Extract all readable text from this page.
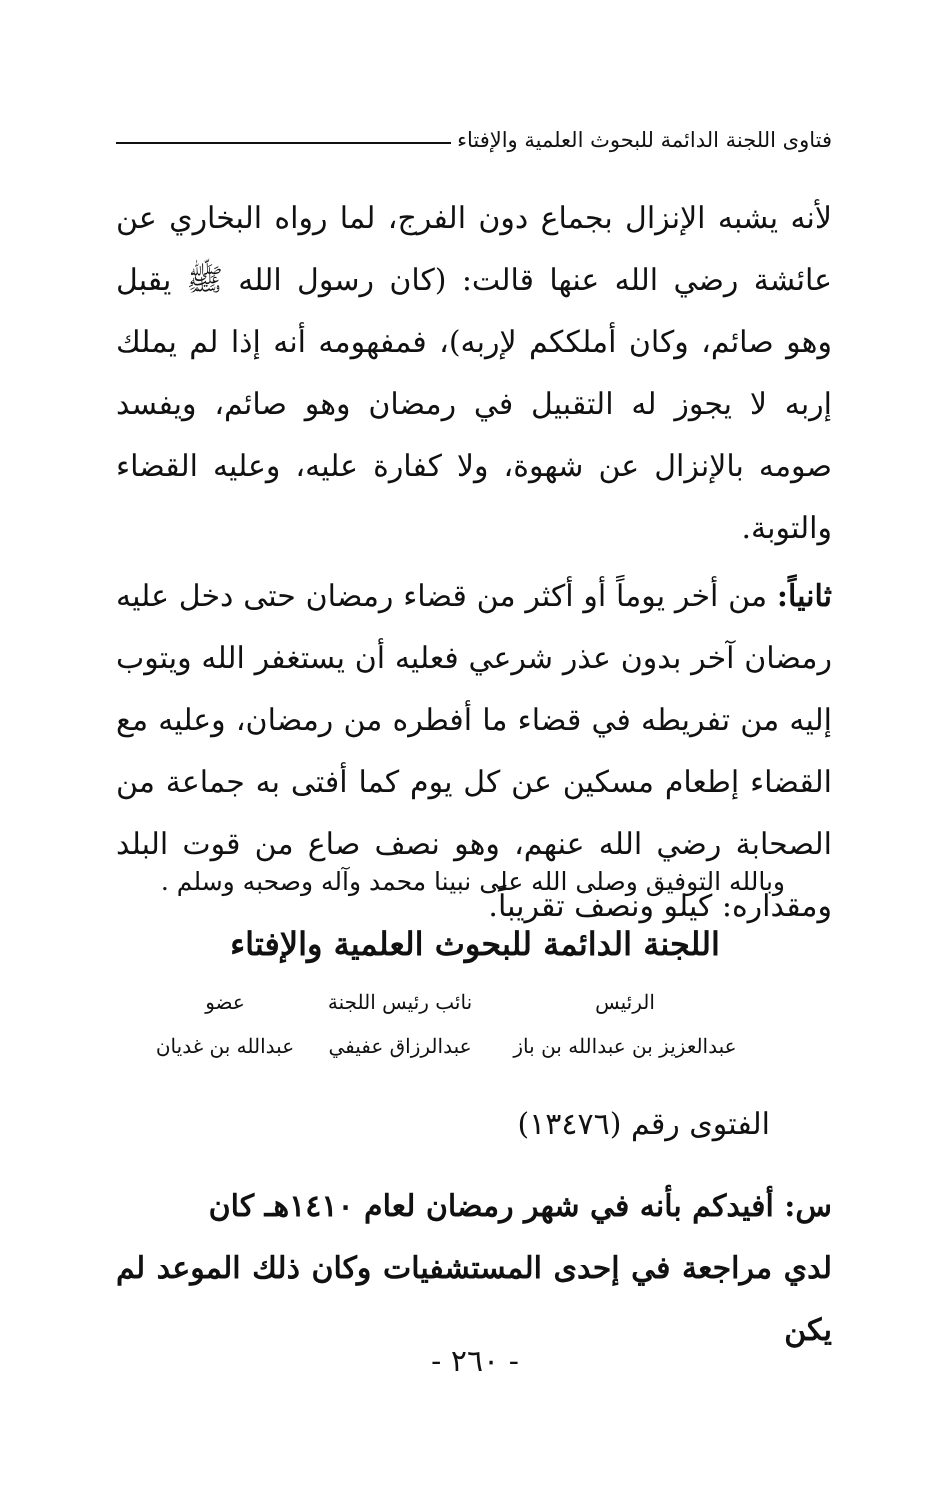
فتاوى اللجنة الدائمة للبحوث العلمية والإفتاء

لأنه يشبه الإنزال بجماع دون الفرج، لما رواه البخاري عن عائشة رضي الله عنها قالت: (كان رسول الله ﷺ يقبل وهو صائم، وكان أملككم لإربه)، فمفهومه أنه إذا لم يملك إربه لا يجوز له التقبيل في رمضان وهو صائم، ويفسد صومه بالإنزال عن شهوة، ولا كفارة عليه، وعليه القضاء والتوبة.

ثانياً: من أخر يوماً أو أكثر من قضاء رمضان حتى دخل عليه رمضان آخر بدون عذر شرعي فعليه أن يستغفر الله ويتوب إليه من تفريطه في قضاء ما أفطره من رمضان، وعليه مع القضاء إطعام مسكين عن كل يوم كما أفتى به جماعة من الصحابة رضي الله عنهم، وهو نصف صاع من قوت البلد ومقداره: كيلو ونصف تقريباً.

وبالله التوفيق وصلى الله على نبينا محمد وآله وصحبه وسلم .
اللجنة الدائمة للبحوث العلمية والإفتاء
الرئيس
نائب رئيس اللجنة
عضو
عبدالعزيز بن عبدالله بن باز
عبدالرزاق عفيفي
عبدالله بن غديان
الفتوى رقم (١٣٤٧٦)

س: أفيدكم بأنه في شهر رمضان لعام ١٤١٠هـ كان

لدي مراجعة في إحدى المستشفيات وكان ذلك الموعد لم يكن

- ٢٦٠ -
